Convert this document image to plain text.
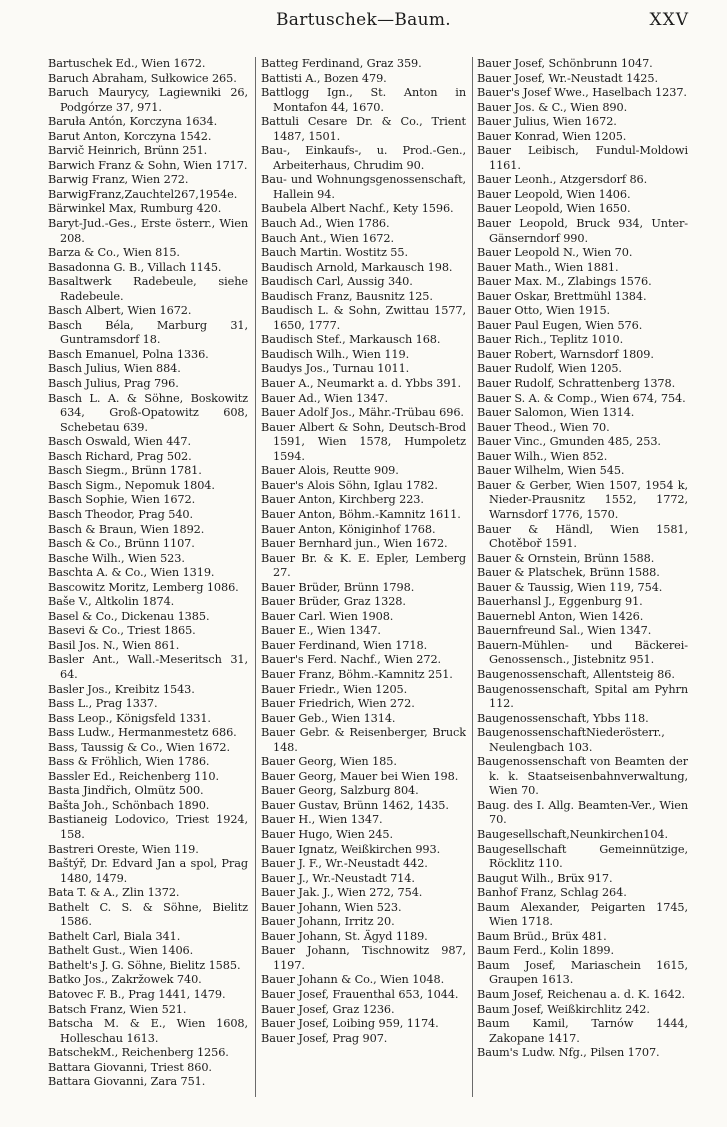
Bartuschek—Baum.	XXV
Bartuschek Ed., Wien 1672.
Baruch Abraham, Sułkowice 265.
Baruch Maurycy, Lagiewniki 26, Podgórze 37, 971.
Baruła Antón, Korczyna 1634.
Barut Anton, Korczyna 1542.
Barvič Heinrich, Brünn 251.
Barwich Franz & Sohn, Wien 1717.
Barwig Franz, Wien 272.
BarwigFranz,Zauchtel267,1954e.
Bärwinkel Max, Rumburg 420.
Baryt-Jud.-Ges., Erste österr., Wien 208.
Barza & Co., Wien 815.
Basadonna G. B., Villach 1145.
Basaltwerk Radebeule, siehe Radebeule.
Basch Albert, Wien 1672.
Basch Béla, Marburg 31, Guntramsdorf 18.
Basch Emanuel, Polna 1336.
Basch Julius, Wien 884.
Basch Julius, Prag 796.
Basch L. A. & Söhne, Boskowitz 634, Groß-Opatowitz 608, Schebetau 639.
Basch Oswald, Wien 447.
Basch Richard, Prag 502.
Basch Siegm., Brünn 1781.
Basch Sigm., Nepomuk 1804.
Basch Sophie, Wien 1672.
Basch Theodor, Prag 540.
Basch & Braun, Wien 1892.
Basch & Co., Brünn 1107.
Basche Wilh., Wien 523.
Baschta A. & Co., Wien 1319.
Bascowitz Moritz, Lemberg 1086.
Baše V., Altkolin 1874.
Basel & Co., Dickenau 1385.
Basevi & Co., Triest 1865.
Basil Jos. N., Wien 861.
Basler Ant., Wall.-Meseritsch 31, 64.
Basler Jos., Kreibitz 1543.
Bass L., Prag 1337.
Bass Leop., Königsfeld 1331.
Bass Ludw., Hermanmestetz 686.
Bass, Taussig & Co., Wien 1672.
Bass & Fröhlich, Wien 1786.
Bassler Ed., Reichenberg 110.
Basta Jindřich, Olmütz 500.
Bašta Joh., Schönbach 1890.
Bastianeig Lodovico, Triest 1924, 158.
Bastreri Oreste, Wien 119.
Baštýř, Dr. Edvard Jan a spol, Prag 1480, 1479.
Bata T. & A., Zlin 1372.
Bathelt C. S. & Söhne, Bielitz 1586.
Bathelt Carl, Biala 341.
Bathelt Gust., Wien 1406.
Bathelt's J. G. Söhne, Bielitz 1585.
Batko Jos., Zakržowek 740.
Batovec F. B., Prag 1441, 1479.
Batsch Franz, Wien 521.
Batscha M. & E., Wien 1608, Holleschau 1613.
BatschekM., Reichenberg 1256.
Battara Giovanni, Triest 860.
Battara Giovanni, Zara 751.
Batteg Ferdinand, Graz 359.
Battisti A., Bozen 479.
Battlogg Ign., St. Anton in Montafon 44, 1670.
Battuli Cesare Dr. & Co., Trient 1487, 1501.
Bau-, Einkaufs-, u. Prod.-Gen., Arbeiterhaus, Chrudim 90.
Bau- und Wohnungsgenossenschaft, Hallein 94.
Baubela Albert Nachf., Kety 1596.
Bauch Ad., Wien 1786.
Bauch Ant., Wien 1672.
Bauch Martin. Wostitz 55.
Baudisch Arnold, Markausch 198.
Baudisch Carl, Aussig 340.
Baudisch Franz, Bausnitz 125.
Baudisch L. & Sohn, Zwittau 1577, 1650, 1777.
Baudisch Stef., Markausch 168.
Baudisch Wilh., Wien 119.
Baudys Jos., Turnau 1011.
Bauer A., Neumarkt a. d. Ybbs 391.
Bauer Ad., Wien 1347.
Bauer Adolf Jos., Mähr.-Trübau 696.
Bauer Albert & Sohn, Deutsch-Brod 1591, Wien 1578, Humpoletz 1594.
Bauer Alois, Reutte 909.
Bauer's Alois Söhn, Iglau 1782.
Bauer Anton, Kirchberg 223.
Bauer Anton, Böhm.-Kamnitz 1611.
Bauer Anton, Königinhof 1768.
Bauer Bernhard jun., Wien 1672.
Bauer Br. & K. E. Epler, Lemberg 27.
Bauer Brüder, Brünn 1798.
Bauer Brüder, Graz 1328.
Bauer Carl. Wien 1908.
Bauer E., Wien 1347.
Bauer Ferdinand, Wien 1718.
Bauer's Ferd. Nachf., Wien 272.
Bauer Franz, Böhm.-Kamnitz 251.
Bauer Friedr., Wien 1205.
Bauer Friedrich, Wien 272.
Bauer Geb., Wien 1314.
Bauer Gebr. & Reisenberger, Bruck 148.
Bauer Georg, Wien 185.
Bauer Georg, Mauer bei Wien 198.
Bauer Georg, Salzburg 804.
Bauer Gustav, Brünn 1462, 1435.
Bauer H., Wien 1347.
Bauer Hugo, Wien 245.
Bauer Ignatz, Weißkirchen 993.
Bauer J. F., Wr.-Neustadt 442.
Bauer J., Wr.-Neustadt 714.
Bauer Jak. J., Wien 272, 754.
Bauer Johann, Wien 523.
Bauer Johann, Irritz 20.
Bauer Johann, St. Ägyd 1189.
Bauer Johann, Tischnowitz 987, 1197.
Bauer Johann & Co., Wien 1048.
Bauer Josef, Frauenthal 653, 1044.
Bauer Josef, Graz 1236.
Bauer Josef, Loibing 959, 1174.
Bauer Josef, Prag 907.
Bauer Josef, Schönbrunn 1047.
Bauer Josef, Wr.-Neustadt 1425.
Bauer's Josef Wwe., Haselbach 1237.
Bauer Jos. & C., Wien 890.
Bauer Julius, Wien 1672.
Bauer Konrad, Wien 1205.
Bauer Leibisch, Fundul-Moldowi 1161.
Bauer Leonh., Atzgersdorf 86.
Bauer Leopold, Wien 1406.
Bauer Leopold, Wien 1650.
Bauer Leopold, Bruck 934, Unter-Gänserndorf 990.
Bauer Leopold N., Wien 70.
Bauer Math., Wien 1881.
Bauer Max. M., Zlabings 1576.
Bauer Oskar, Brettmühl 1384.
Bauer Otto, Wien 1915.
Bauer Paul Eugen, Wien 576.
Bauer Rich., Teplitz 1010.
Bauer Robert, Warnsdorf 1809.
Bauer Rudolf, Wien 1205.
Bauer Rudolf, Schrattenberg 1378.
Bauer S. A. & Comp., Wien 674, 754.
Bauer Salomon, Wien 1314.
Bauer Theod., Wien 70.
Bauer Vinc., Gmunden 485, 253.
Bauer Wilh., Wien 852.
Bauer Wilhelm, Wien 545.
Bauer & Gerber, Wien 1507, 1954 k, Nieder-Prausnitz 1552, 1772, Warnsdorf 1776, 1570.
Bauer & Händl, Wien 1581, Chotěboř 1591.
Bauer & Ornstein, Brünn 1588.
Bauer & Platschek, Brünn 1588.
Bauer & Taussig, Wien 119, 754.
Bauerhansl J., Eggenburg 91.
Bauernebl Anton, Wien 1426.
Bauernfreund Sal., Wien 1347.
Bauern-Mühlen- und Bäckerei-Genossensch., Jistebnitz 951.
Baugenossenschaft, Allentsteig 86.
Baugenossenschaft, Spital am Pyhrn 112.
Baugenossenschaft, Ybbs 118.
BaugenossenschaftNiederösterr., Neulengbach 103.
Baugenossenschaft von Beamten der k. k. Staatseisenbahnverwaltung, Wien 70.
Baug. des I. Allg. Beamten-Ver., Wien 70.
Baugesellschaft,Neunkirchen104.
Baugesellschaft Gemeinnützige, Röcklitz 110.
Baugut Wilh., Brüx 917.
Banhof Franz, Schlag 264.
Baum Alexander, Peigarten 1745, Wien 1718.
Baum Brüd., Brüx 481.
Baum Ferd., Kolin 1899.
Baum Josef, Mariaschein 1615, Graupen 1613.
Baum Josef, Reichenau a. d. K. 1642.
Baum Josef, Weißkirchlitz 242.
Baum Kamil, Tarnów 1444, Zakopane 1417.
Baum's Ludw. Nfg., Pilsen 1707.
